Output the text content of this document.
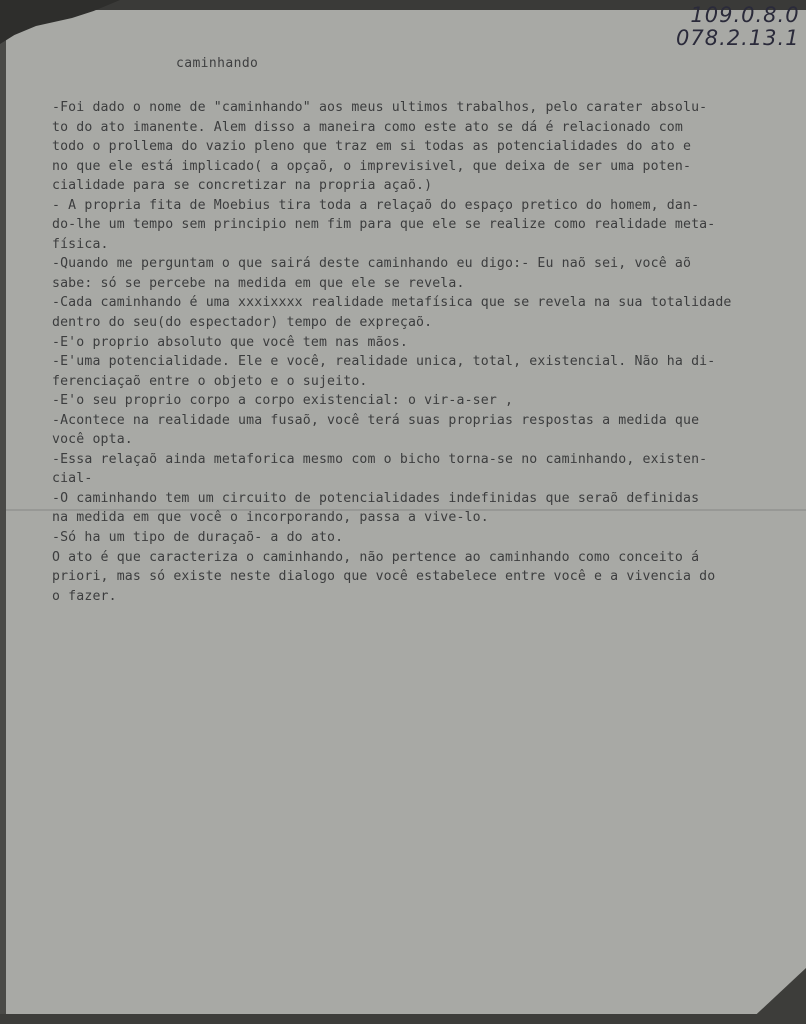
109.0.8.0
078.2.13.1
caminhando
-Foi dado o nome de "caminhando" aos meus ultimos trabalhos, pelo carater absolu-
to do ato imanente. Alem disso a maneira como este ato se dá é relacionado com
todo o prollema do vazio pleno que traz em si todas as potencialidades do ato e
no que ele está implicado( a opçaõ, o imprevisivel, que deixa de ser uma poten-
cialidade para se concretizar na propria açaõ.)
- A propria fita de Moebius tira toda a relaçaõ do espaço pretico do homem, dan-
do-lhe um tempo sem principio nem fim para que ele se realize como realidade meta-
física.
-Quando me perguntam o que sairá deste caminhando eu digo:- Eu naõ sei, você aõ
sabe: só se percebe na medida em que ele se revela.
-Cada caminhando é uma xxxixxxx realidade metafísica que se revela na sua totalidade
dentro do seu(do espectador) tempo de expreçaõ.
-E'o proprio absoluto que você tem nas mãos.
-E'uma potencialidade. Ele e você, realidade unica, total, existencial. Não ha di-
ferenciaçaõ entre o objeto e o sujeito.
-E'o seu proprio corpo a corpo existencial: o vir-a-ser ,
-Acontece na realidade uma fusaõ, você terá suas proprias respostas a medida que
você opta.
-Essa relaçaõ ainda metaforica mesmo com o bicho torna-se no caminhando, existen-
cial-
-O caminhando tem um circuito de potencialidades indefinidas que seraõ definidas
na medida em que você o incorporando, passa a vive-lo.
-Só ha um tipo de duraçaõ- a do ato.
O ato é que caracteriza o caminhando, não pertence ao caminhando como conceito á
priori, mas só existe neste dialogo que você estabelece entre você e a vivencia do
o fazer.
